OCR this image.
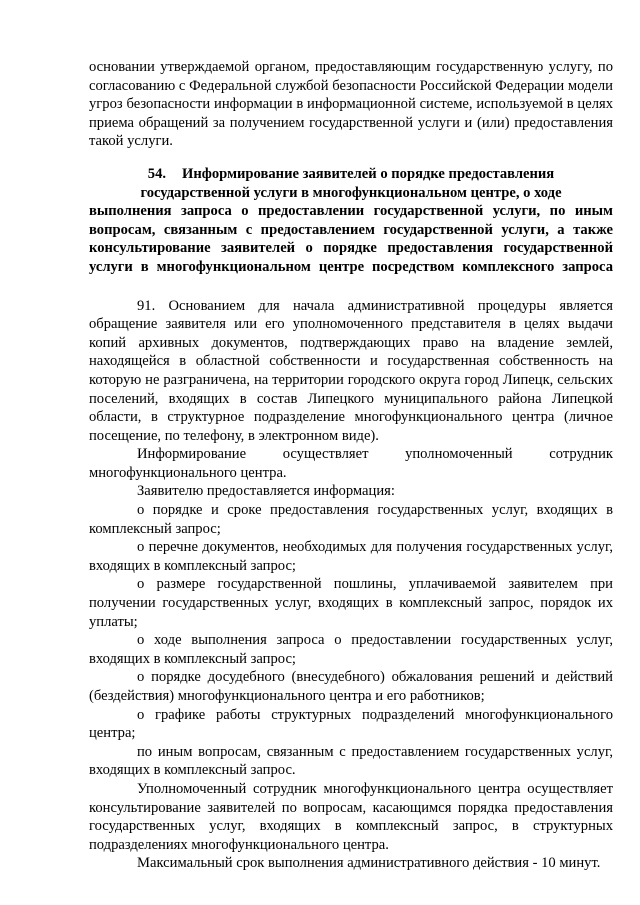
основании утверждаемой органом, предоставляющим государственную услугу, по согласованию с Федеральной службой безопасности Российской Федерации модели угроз безопасности информации в информационной системе, используемой в целях приема обращений за получением государственной услуги и (или) предоставления такой услуги.

54. Информирование заявителей о порядке предоставления
государственной услуги в многофункциональном центре, о ходе
выполнения запроса о предоставлении государственной услуги, по иным
вопросам, связанным с предоставлением государственной услуги, а также
консультирование заявителей о порядке предоставления государственной
услуги в многофункциональном центре посредством комплексного запроса

91. Основанием для начала административной процедуры является обращение заявителя или его уполномоченного представителя в целях выдачи копий архивных документов, подтверждающих право на владение землей, находящейся в областной собственности и государственная собственность на которую не разграничена, на территории городского округа город Липецк, сельских поселений, входящих в состав Липецкого муниципального района Липецкой области, в структурное подразделение многофункционального центра (личное посещение, по телефону, в электронном виде).

Информирование осуществляет уполномоченный сотрудник многофункционального центра.

Заявителю предоставляется информация:

о порядке и сроке предоставления государственных услуг, входящих в комплексный запрос;

о перечне документов, необходимых для получения государственных услуг, входящих в комплексный запрос;

о размере государственной пошлины, уплачиваемой заявителем при получении государственных услуг, входящих в комплексный запрос, порядок их уплаты;

о ходе выполнения запроса о предоставлении государственных услуг, входящих в комплексный запрос;

о порядке досудебного (внесудебного) обжалования решений и действий (бездействия) многофункционального центра и его работников;

о графике работы структурных подразделений многофункционального центра;

по иным вопросам, связанным с предоставлением государственных услуг, входящих в комплексный запрос.

Уполномоченный сотрудник многофункционального центра осуществляет консультирование заявителей по вопросам, касающимся порядка предоставления государственных услуг, входящих в комплексный запрос, в структурных подразделениях многофункционального центра.

Максимальный срок выполнения административного действия - 10 минут.
